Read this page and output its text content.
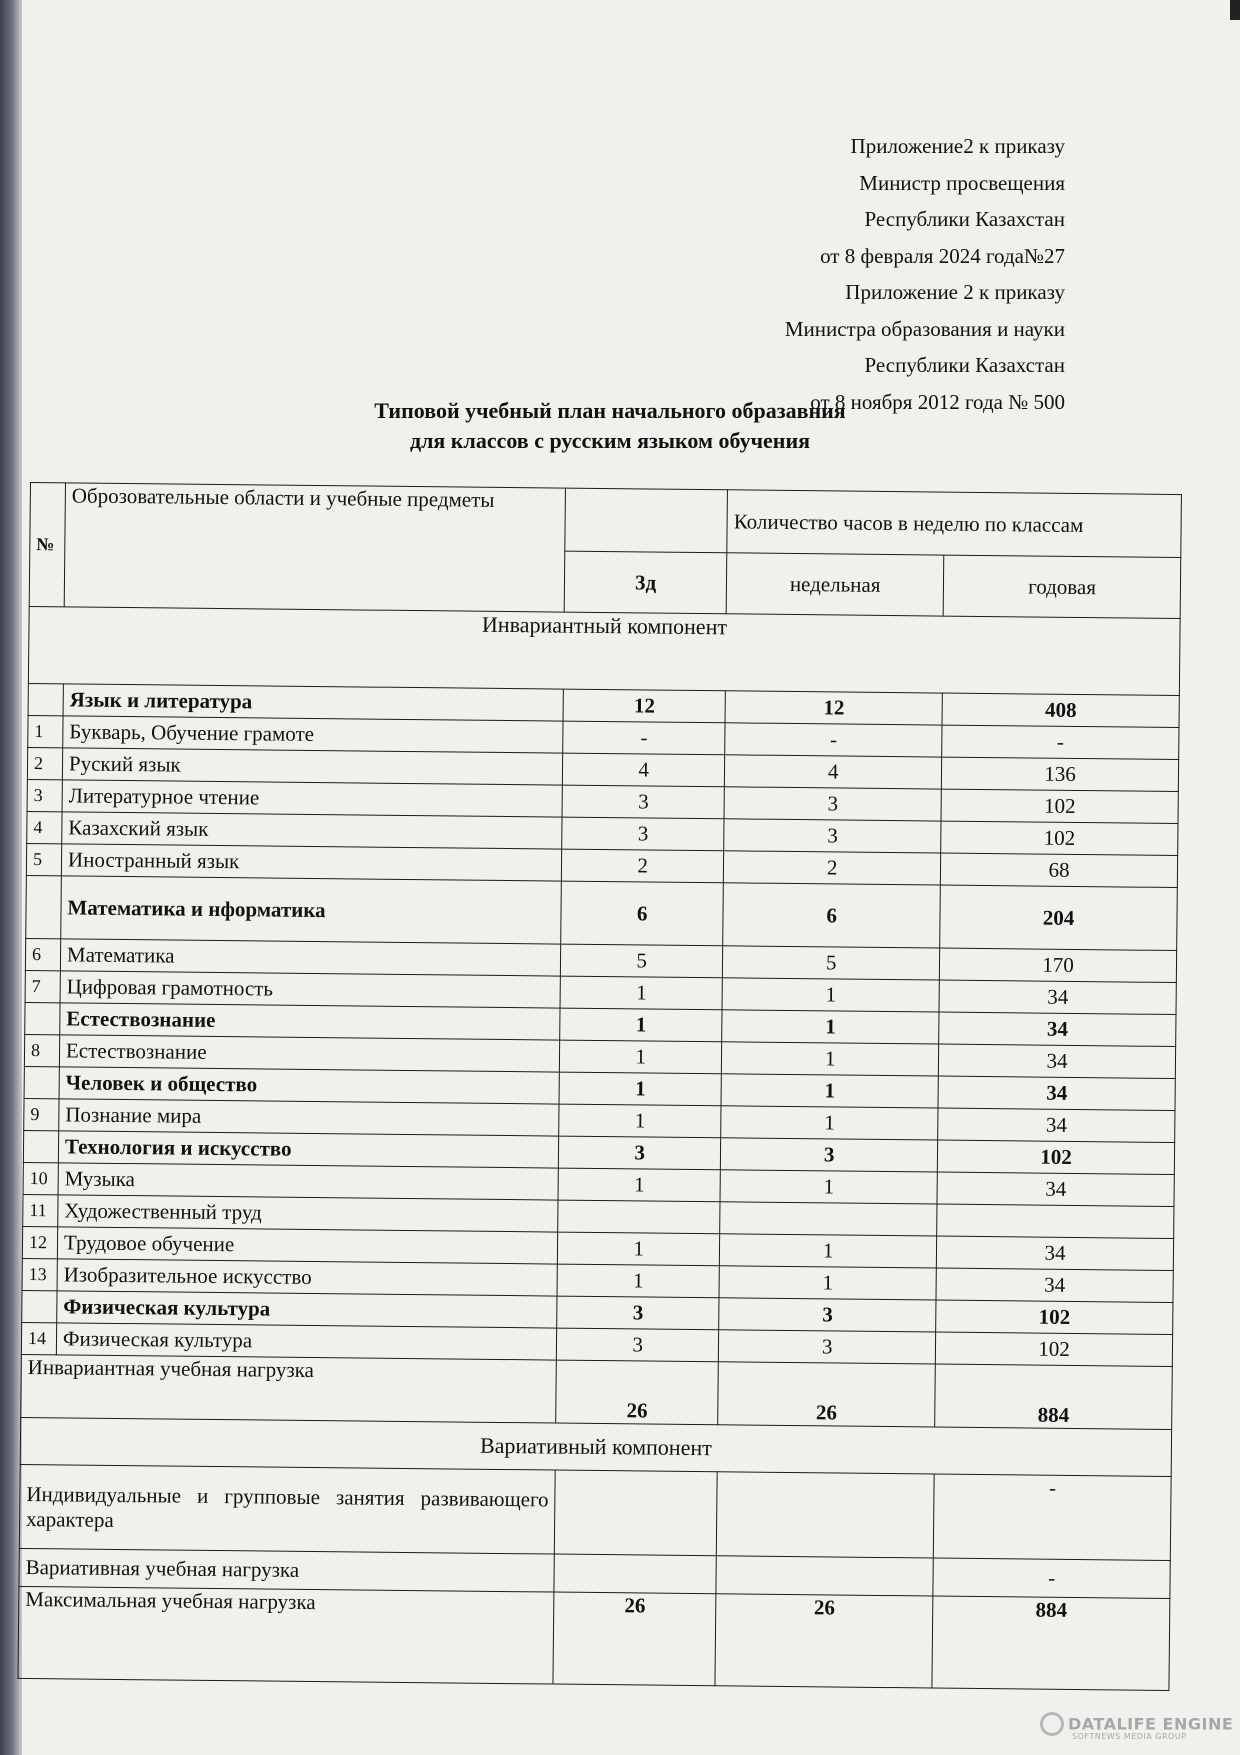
Приложение2 к приказу
Министр просвещения
Республики Казахстан
от 8 февраля 2024 года№27
Приложение 2 к приказу
Министра образования и науки
Республики Казахстан
от 8 ноября 2012 года № 500
Типовой учебный план начального образавния
для классов с русским языком обучения
№	Оброзовательные области и учебные предметы		Количество часов в неделю по классам	
		3д	недельная	годовая
Инвариантный компонент				
	Язык и литература	12	12	408
1	Букварь, Обучение грамоте	-	-	-
2	Руский язык	4	4	136
3	Литературное чтение	3	3	102
4	Казахский язык	3	3	102
5	Иностранный язык	2	2	68
	Математика и нформатика	6	6	204
6	Математика	5	5	170
7	Цифровая грамотность	1	1	34
	Естествознание	1	1	34
8	Естествознание	1	1	34
	Человек и общество	1	1	34
9	Познание мира	1	1	34
	Технология и искусство	3	3	102
10	Музыка	1	1	34
11	Художественный труд			
12	Трудовое обучение	1	1	34
13	Изобразительное искусство	1	1	34
	Физическая культура	3	3	102
14	Физическая культура	3	3	102
Инвариантная учебная нагрузка		26	26	884
Вариативный компонент				
Индивидуальные и групповые занятия развивающего характера				-
Вариативная учебная нагрузка				-
Максимальная учебная нагрузка		26	26	884
DATALIFE ENGINE
SOFTNEWS MEDIA GROUP
